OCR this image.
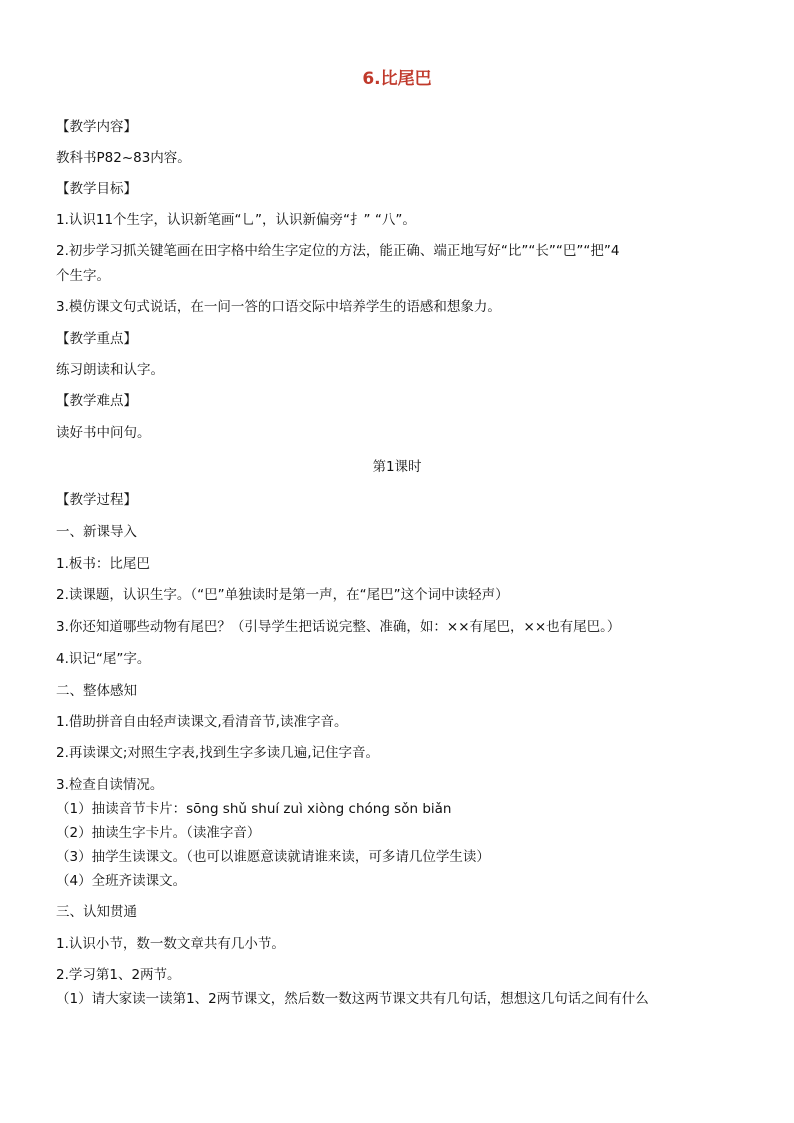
6.比尾巴
【教学内容】
教科书P82~83内容。
【教学目标】
1.认识11个生字，认识新笔画“乚”，认识新偏旁“扌” “八”。
2.初步学习抓关键笔画在田字格中给生字定位的方法，能正确、端正地写好“比”“长”“巴”“把”4
个生字。
3.模仿课文句式说话，在一问一答的口语交际中培养学生的语感和想象力。
【教学重点】
练习朗读和认字。
【教学难点】
读好书中问句。
第1课时
【教学过程】
一、新课导入
1.板书：比尾巴
2.读课题，认识生字。（“巴”单独读时是第一声，在“尾巴”这个词中读轻声）
3.你还知道哪些动物有尾巴？（引导学生把话说完整、准确，如：××有尾巴，××也有尾巴。）
4.识记“尾”字。
二、整体感知
1.借助拼音自由轻声读课文,看清音节,读准字音。
2.再读课文;对照生字表,找到生字多读几遍,记住字音。
3.检查自读情况。
（1）抽读音节卡片：sōng shǔ shuí zuì xiòng chóng sǒn biǎn
（2）抽读生字卡片。（读准字音）
（3）抽学生读课文。（也可以谁愿意读就请谁来读，可多请几位学生读）
（4）全班齐读课文。
三、认知贯通
1.认识小节，数一数文章共有几小节。
2.学习第1、2两节。
（1）请大家读一读第1、2两节课文，然后数一数这两节课文共有几句话，想想这几句话之间有什么
